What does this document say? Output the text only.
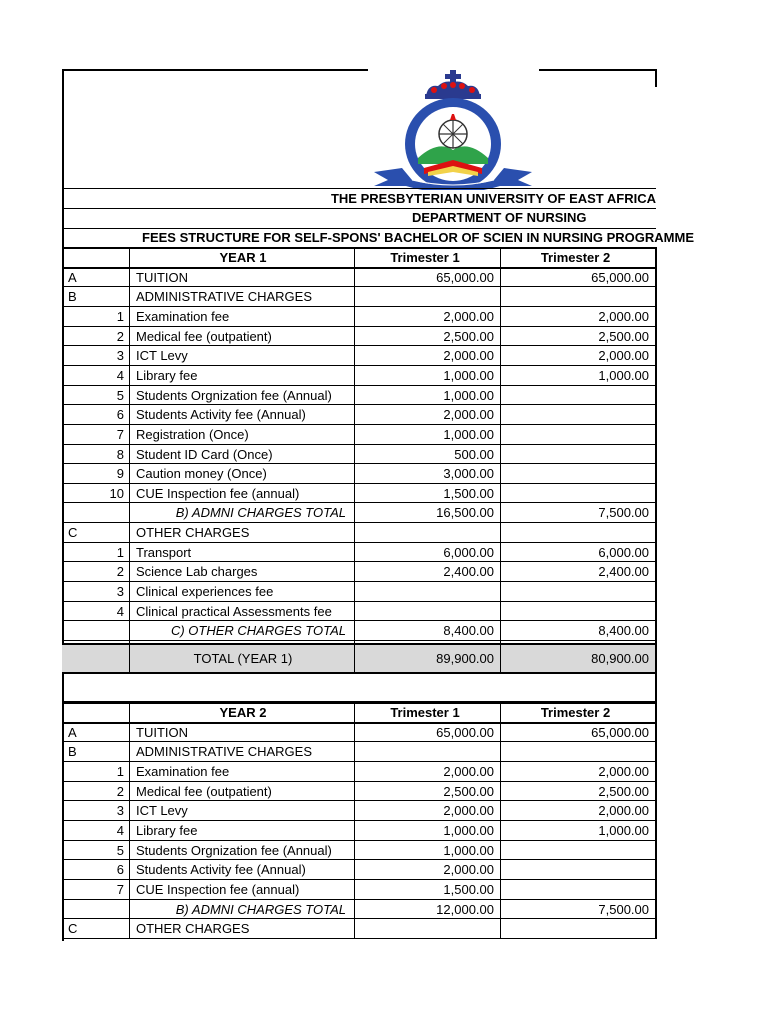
THE PRESBYTERIAN UNIVERSITY OF EAST AFRICA
DEPARTMENT OF NURSING
FEES STRUCTURE FOR SELF-SPONS' BACHELOR OF SCIEN IN NURSING PROGRAMME
YEAR 1	Trimester 1	Trimester 2
A	TUITION	65,000.00	65,000.00
B	ADMINISTRATIVE CHARGES
1 Examination fee	2,000.00	2,000.00
2 Medical fee (outpatient)	2,500.00	2,500.00
3 ICT Levy	2,000.00	2,000.00
4 Library fee	1,000.00	1,000.00
5 Students Orgnization fee (Annual)	1,000.00
6 Students Activity fee (Annual)	2,000.00
7 Registration (Once)	1,000.00
8 Student ID Card (Once)	500.00
9 Caution money (Once)	3,000.00
10 CUE Inspection fee (annual)	1,500.00
B) ADMNI CHARGES TOTAL	16,500.00	7,500.00
C	OTHER CHARGES
1 Transport	6,000.00	6,000.00
2 Science Lab charges	2,400.00	2,400.00
3 Clinical experiences fee
4 Clinical practical Assessments fee
C) OTHER CHARGES TOTAL	8,400.00	8,400.00
TOTAL (YEAR 1)	89,900.00	80,900.00
YEAR 2	Trimester 1	Trimester 2
A	TUITION	65,000.00	65,000.00
B	ADMINISTRATIVE CHARGES
1 Examination fee	2,000.00	2,000.00
2 Medical fee (outpatient)	2,500.00	2,500.00
3 ICT Levy	2,000.00	2,000.00
4 Library fee	1,000.00	1,000.00
5 Students Orgnization fee (Annual)	1,000.00
6 Students Activity fee (Annual)	2,000.00
7 CUE Inspection fee (annual)	1,500.00
B) ADMNI CHARGES TOTAL	12,000.00	7,500.00
C	OTHER CHARGES
